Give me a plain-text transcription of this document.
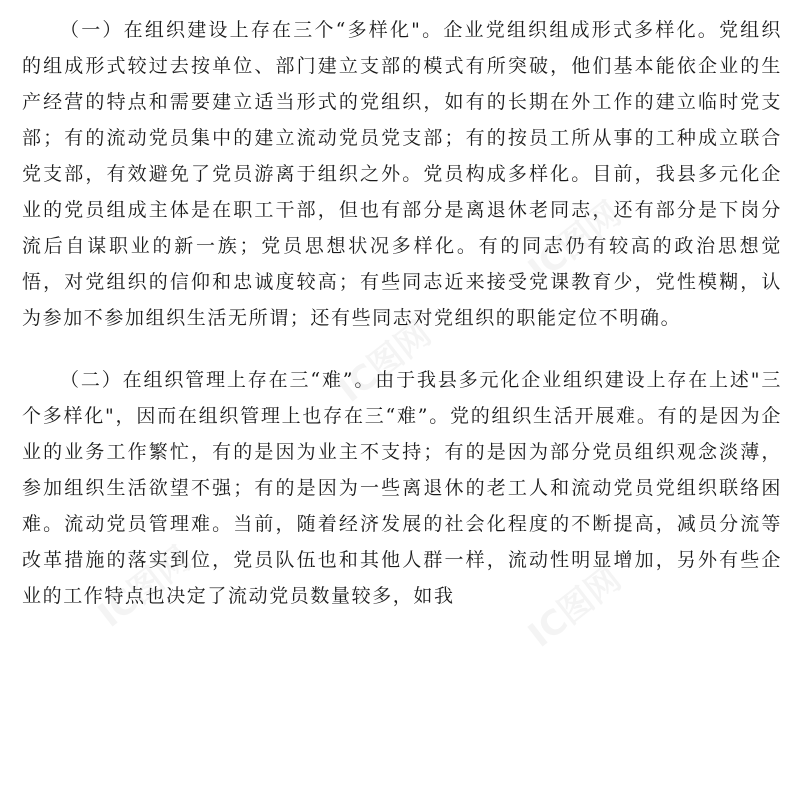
（一）在组织建设上存在三个“多样化"。企业党组织组成形式多样化。党组织的组成形式较过去按单位、部门建立支部的模式有所突破，他们基本能依企业的生产经营的特点和需要建立适当形式的党组织，如有的长期在外工作的建立临时党支部；有的流动党员集中的建立流动党员党支部；有的按员工所从事的工种成立联合党支部，有效避免了党员游离于组织之外。党员构成多样化。目前，我县多元化企业的党员组成主体是在职工干部，但也有部分是离退休老同志，还有部分是下岗分流后自谋职业的新一族；党员思想状况多样化。有的同志仍有较高的政治思想觉悟，对党组织的信仰和忠诚度较高；有些同志近来接受党课教育少，党性模糊，认为参加不参加组织生活无所谓；还有些同志对党组织的职能定位不明确。

（二）在组织管理上存在三“难”。由于我县多元化企业组织建设上存在上述"三个多样化"，因而在组织管理上也存在三“难”。党的组织生活开展难。有的是因为企业的业务工作繁忙，有的是因为业主不支持；有的是因为部分党员组织观念淡薄，参加组织生活欲望不强；有的是因为一些离退休的老工人和流动党员党组织联络困难。流动党员管理难。当前，随着经济发展的社会化程度的不断提高，减员分流等改革措施的落实到位，党员队伍也和其他人群一样，流动性明显增加，另外有些企业的工作特点也决定了流动党员数量较多，如我

IC图网
IC图网
IC图网	IC图网
